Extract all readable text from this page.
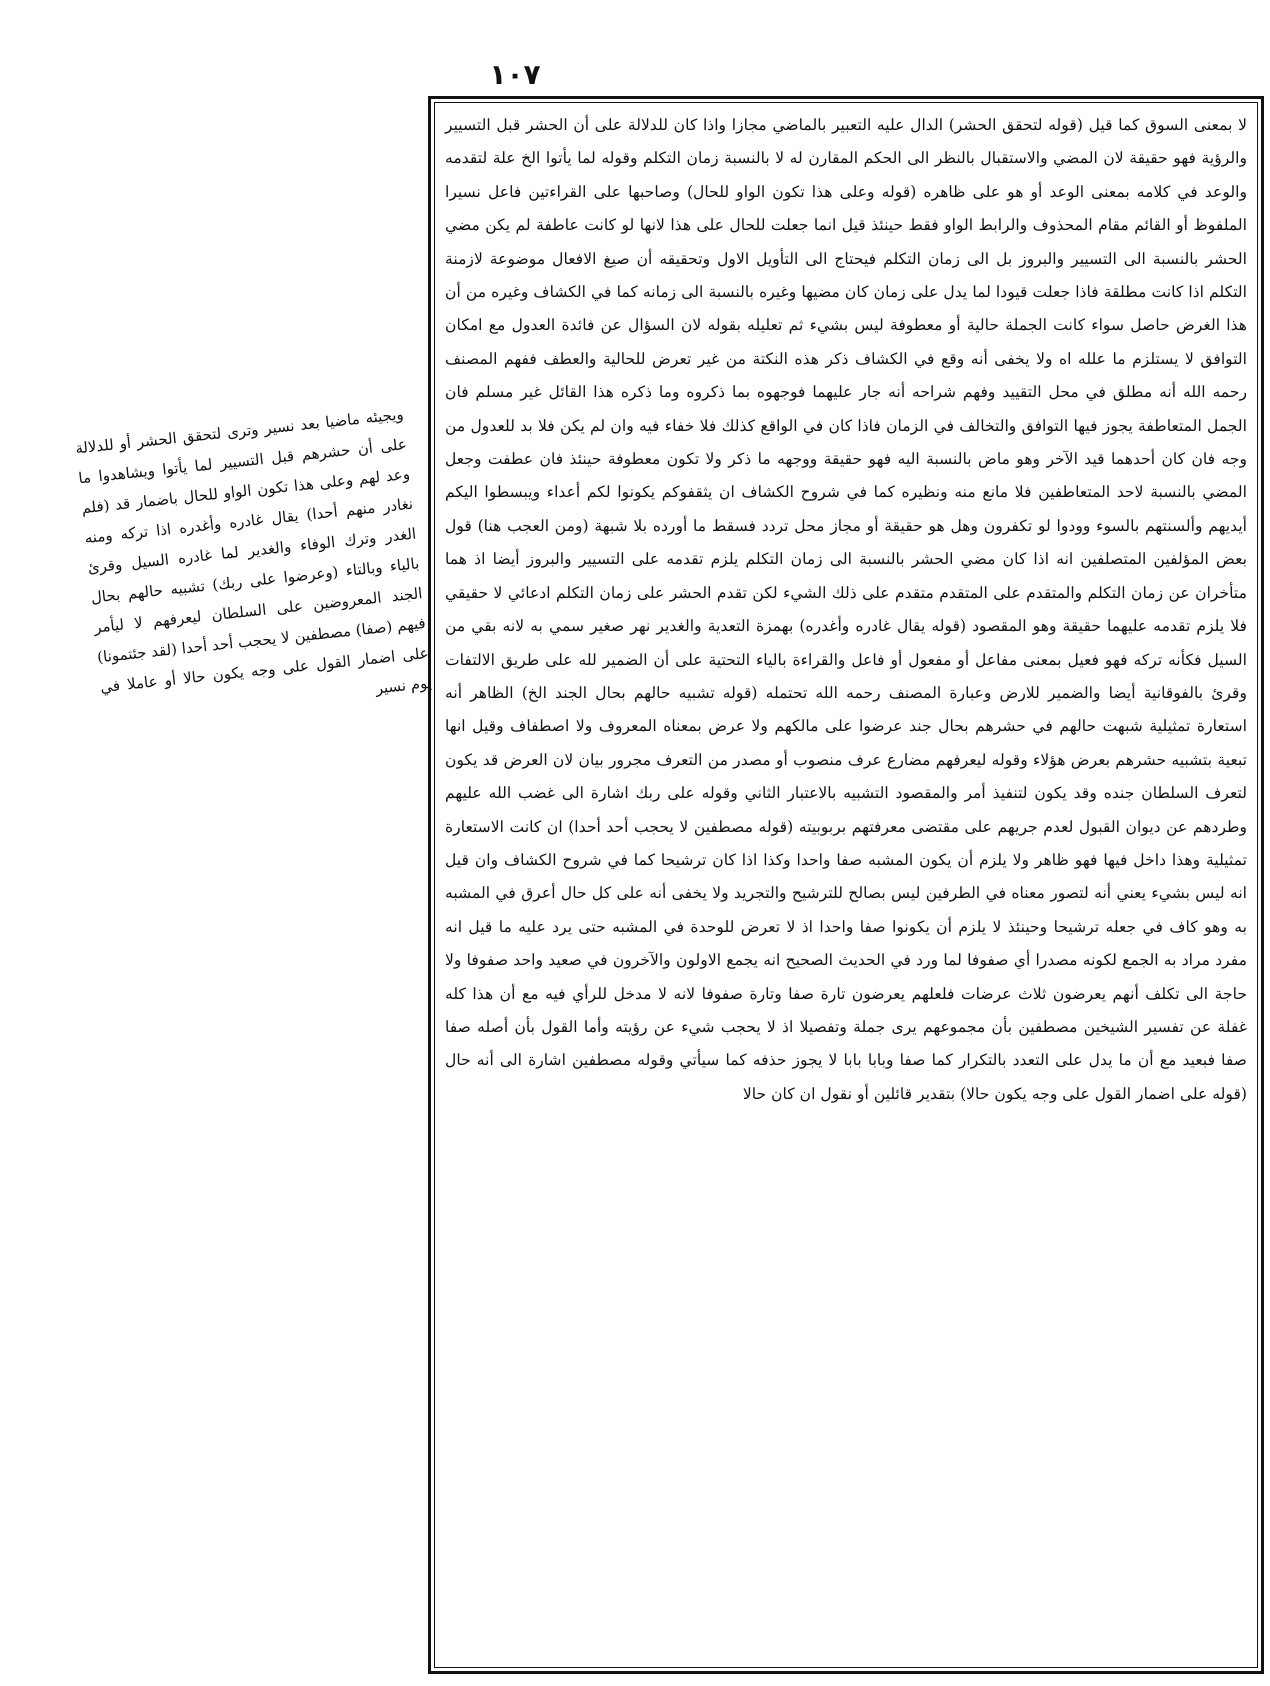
١٠٧

لا بمعنى السوق كما قيل (قوله لتحقق الحشر) الدال عليه التعبير بالماضي مجازا واذا كان للدلالة على أن الحشر قبل التسيير والرؤية فهو حقيقة لان المضي والاستقبال بالنظر الى الحكم المقارن له لا بالنسبة زمان التكلم وقوله لما يأتوا الخ علة لتقدمه والوعد في كلامه بمعنى الوعد أو هو على ظاهره (قوله وعلى هذا تكون الواو للحال) وصاحبها على القراءتين فاعل نسيرا الملفوظ أو القائم مقام المحذوف والرابط الواو فقط حينئذ قيل انما جعلت للحال على هذا لانها لو كانت عاطفة لم يكن مضي الحشر بالنسبة الى التسيير والبروز بل الى زمان التكلم فيحتاج الى التأويل الاول وتحقيقه أن صيغ الافعال موضوعة لازمنة التكلم اذا كانت مطلقة فاذا جعلت قيودا لما يدل على زمان كان مضيها وغيره بالنسبة الى زمانه كما في الكشاف وغيره من أن هذا الغرض حاصل سواء كانت الجملة حالية أو معطوفة ليس بشيء ثم تعليله بقوله لان السؤال عن فائدة العدول مع امكان التوافق لا يستلزم ما علله اه ولا يخفى أنه وقع في الكشاف ذكر هذه النكتة من غير تعرض للحالية والعطف ففهم المصنف رحمه الله أنه مطلق في محل التقييد وفهم شراحه أنه جار عليهما فوجهوه بما ذكروه وما ذكره هذا القائل غير مسلم فان الجمل المتعاطفة يجوز فيها التوافق والتخالف في الزمان فاذا كان في الواقع كذلك فلا خفاء فيه وان لم يكن فلا بد للعدول من وجه فان كان أحدهما قيد الآخر وهو ماض بالنسبة اليه فهو حقيقة ووجهه ما ذكر ولا تكون معطوفة حينئذ فان عطفت وجعل المضي بالنسبة لاحد المتعاطفين فلا مانع منه ونظيره كما في شروح الكشاف ان يثقفوكم يكونوا لكم أعداء ويبسطوا اليكم أيديهم وألسنتهم بالسوء وودوا لو تكفرون وهل هو حقيقة أو مجاز محل تردد فسقط ما أورده بلا شبهة (ومن العجب هنا) قول بعض المؤلفين المتصلفين انه اذا كان مضي الحشر بالنسبة الى زمان التكلم يلزم تقدمه على التسيير والبروز أيضا اذ هما متأخران عن زمان التكلم والمتقدم على المتقدم متقدم على ذلك الشيء لكن تقدم الحشر على زمان التكلم ادعائي لا حقيقي فلا يلزم تقدمه عليهما حقيقة وهو المقصود (قوله يقال غادره وأغدره) بهمزة التعدية والغدير نهر صغير سمي به لانه بقي من السيل فكأنه تركه فهو فعيل بمعنى مفاعل أو مفعول أو فاعل والقراءة بالياء التحتية على أن الضمير لله على طريق الالتفات وقرئ بالفوقانية أيضا والضمير للارض وعبارة المصنف رحمه الله تحتمله (قوله تشبيه حالهم بحال الجند الخ) الظاهر أنه استعارة تمثيلية شبهت حالهم في حشرهم بحال جند عرضوا على مالكهم ولا عرض بمعناه المعروف ولا اصطفاف وقيل انها تبعية بتشبيه حشرهم بعرض هؤلاء وقوله ليعرفهم مضارع عرف منصوب أو مصدر من التعرف مجرور بيان لان العرض قد يكون لتعرف السلطان جنده وقد يكون لتنفيذ أمر والمقصود التشبيه بالاعتبار الثاني وقوله على ربك اشارة الى غضب الله عليهم وطردهم عن ديوان القبول لعدم جريهم على مقتضى معرفتهم بربوبيته (قوله مصطفين لا يحجب أحد أحدا) ان كانت الاستعارة تمثيلية وهذا داخل فيها فهو ظاهر ولا يلزم أن يكون المشبه صفا واحدا وكذا اذا كان ترشيحا كما في شروح الكشاف وان قيل انه ليس بشيء يعني أنه لتصور معناه في الطرفين ليس بصالح للترشيح والتجريد ولا يخفى أنه على كل حال أعرق في المشبه به وهو كاف في جعله ترشيحا وحينئذ لا يلزم أن يكونوا صفا واحدا اذ لا تعرض للوحدة في المشبه حتى يرد عليه ما قيل انه مفرد مراد به الجمع لكونه مصدرا أي صفوفا لما ورد في الحديث الصحيح انه يجمع الاولون والآخرون في صعيد واحد صفوفا ولا حاجة الى تكلف أنهم يعرضون ثلاث عرضات فلعلهم يعرضون تارة صفا وتارة صفوفا لانه لا مدخل للرأي فيه مع أن هذا كله غفلة عن تفسير الشيخين مصطفين بأن مجموعهم يرى جملة وتفصيلا اذ لا يحجب شيء عن رؤيته وأما القول بأن أصله صفا صفا فبعيد مع أن ما يدل على التعدد بالتكرار كما صفا وبابا بابا لا يجوز حذفه كما سيأتي وقوله مصطفين اشارة الى أنه حال (قوله على اضمار القول على وجه يكون حالا) بتقدير قائلين أو نقول ان كان حالا

ويجيئه ماضيا بعد نسير وترى لتحقق الحشر أو للدلالة على أن حشرهم قبل التسيير لما يأتوا ويشاهدوا ما وعد لهم وعلى هذا تكون الواو للحال باضمار قد (فلم نغادر منهم أحدا) يقال غادره وأغدره اذا تركه ومنه الغدر وترك الوفاء والغدير لما غادره السيل وقرئ بالياء وبالتاء (وعرضوا على ربك) تشبيه حالهم بحال الجند المعروضين على السلطان ليعرفهم لا ليأمر فيهم (صفا) مصطفين لا يحجب أحد أحدا (لقد جئتمونا) على اضمار القول على وجه يكون حالا أو عاملا في يوم نسير
